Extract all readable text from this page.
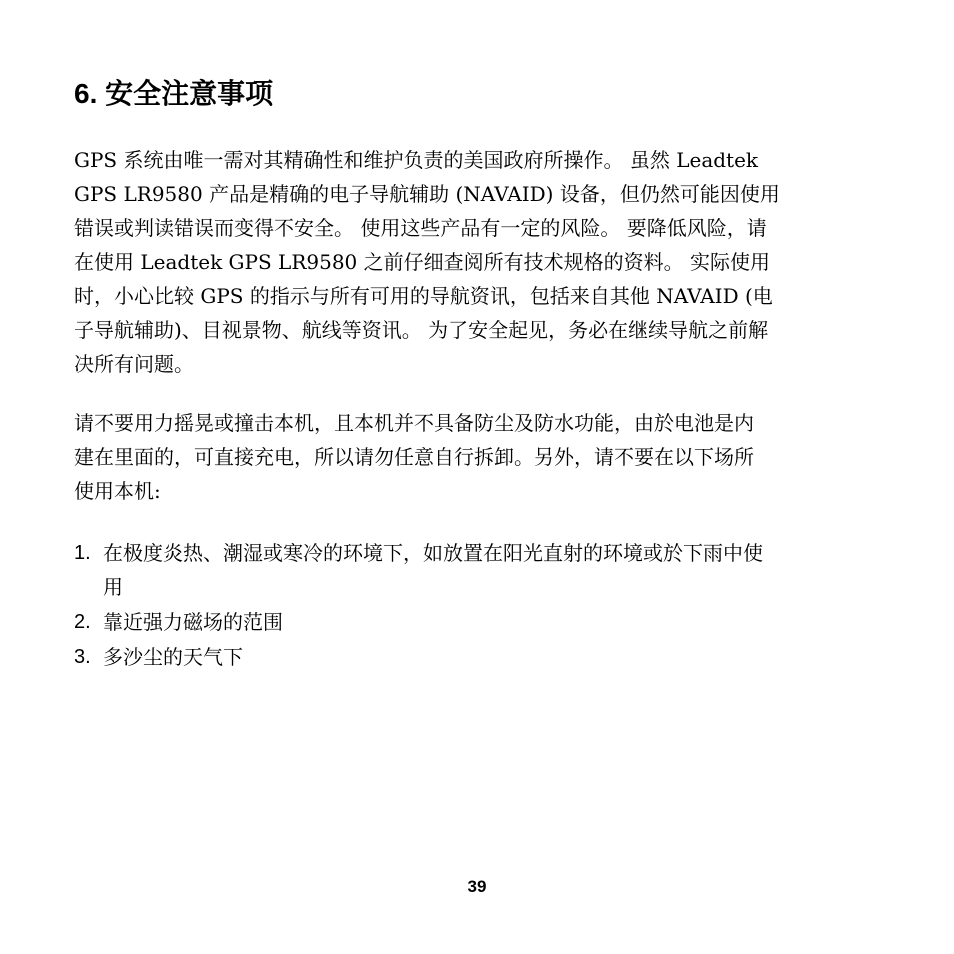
6. 安全注意事项
GPS 系统由唯一需对其精确性和维护负责的美国政府所操作。 虽然 Leadtek
GPS LR9580 产品是精确的电子导航辅助 (NAVAID) 设备，但仍然可能因使用
错误或判读错误而变得不安全。 使用这些产品有一定的风险。 要降低风险，请
在使用 Leadtek GPS LR9580 之前仔细查阅所有技术规格的资料。 实际使用
时，小心比较 GPS 的指示与所有可用的导航资讯，包括来自其他 NAVAID (电
子导航辅助)、目视景物、航线等资讯。 为了安全起见，务必在继续导航之前解
决所有问题。
请不要用力摇晃或撞击本机，且本机并不具备防尘及防水功能，由於电池是内
建在里面的，可直接充电，所以请勿任意自行拆卸。另外，请不要在以下场所
使用本机:
1. 在极度炎热、潮湿或寒冷的环境下，如放置在阳光直射的环境或於下雨中使
用
2. 靠近强力磁场的范围
3. 多沙尘的天气下
39
